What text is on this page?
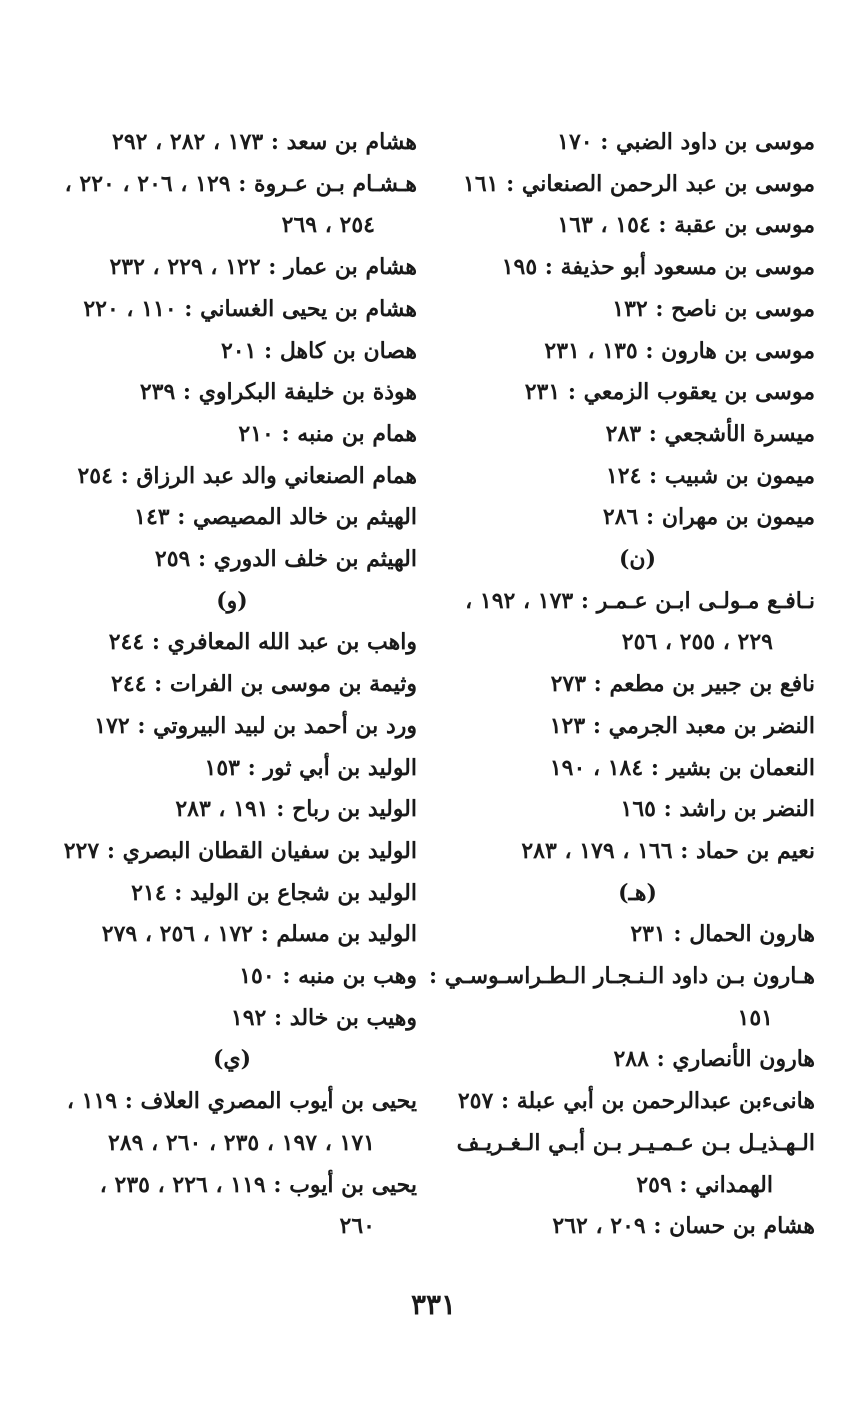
موسى بن داود الضبي : ١٧٠
موسى بن عبد الرحمن الصنعاني : ١٦١
موسى بن عقبة : ١٥٤ ، ١٦٣
موسى بن مسعود أبو حذيفة : ١٩٥
موسى بن ناصح : ١٣٢
موسى بن هارون : ١٣٥ ، ٢٣١
موسى بن يعقوب الزمعي : ٢٣١
ميسرة الأشجعي : ٢٨٣
ميمون بن شبيب : ١٢٤
ميمون بن مهران : ٢٨٦
(ن)
نـافـع مـولـى ابـن عـمـر : ١٧٣ ، ١٩٢ ،
٢٢٩ ، ٢٥٥ ، ٢٥٦
نافع بن جبير بن مطعم : ٢٧٣
النضر بن معبد الجرمي : ١٢٣
النعمان بن بشير : ١٨٤ ، ١٩٠
النضر بن راشد : ١٦٥
نعيم بن حماد : ١٦٦ ، ١٧٩ ، ٢٨٣
(هـ)
هارون الحمال : ٢٣١
هـارون بـن داود الـنـجـار الـطـراسـوسـي :
١٥١
هارون الأنصاري : ٢٨٨
هانىءبن عبدالرحمن بن أبي عبلة : ٢٥٧
الـهـذيـل بـن عـمـيـر بـن أبـي الـغـريـف
الهمداني : ٢٥٩
هشام بن حسان : ٢٠٩ ، ٢٦٢
هشام بن سعد : ١٧٣ ، ٢٨٢ ، ٢٩٢
هـشـام بـن عـروة : ١٢٩ ، ٢٠٦ ، ٢٢٠ ،
٢٥٤ ، ٢٦٩
هشام بن عمار : ١٢٢ ، ٢٢٩ ، ٢٣٢
هشام بن يحيى الغساني : ١١٠ ، ٢٢٠
هصان بن كاهل : ٢٠١
هوذة بن خليفة البكراوي : ٢٣٩
همام بن منبه : ٢١٠
همام الصنعاني والد عبد الرزاق : ٢٥٤
الهيثم بن خالد المصيصي : ١٤٣
الهيثم بن خلف الدوري : ٢٥٩
(و)
واهب بن عبد الله المعافري : ٢٤٤
وثيمة بن موسى بن الفرات : ٢٤٤
ورد بن أحمد بن لبيد البيروتي : ١٧٢
الوليد بن أبي ثور : ١٥٣
الوليد بن رباح : ١٩١ ، ٢٨٣
الوليد بن سفيان القطان البصري : ٢٢٧
الوليد بن شجاع بن الوليد : ٢١٤
الوليد بن مسلم : ١٧٢ ، ٢٥٦ ، ٢٧٩
وهب بن منبه : ١٥٠
وهيب بن خالد : ١٩٢
(ي)
يحيى بن أيوب المصري العلاف : ١١٩ ،
١٧١ ، ١٩٧ ، ٢٣٥ ، ٢٦٠ ، ٢٨٩
يحيى بن أيوب : ١١٩ ، ٢٢٦ ، ٢٣٥ ،
٢٦٠
٣٣١
